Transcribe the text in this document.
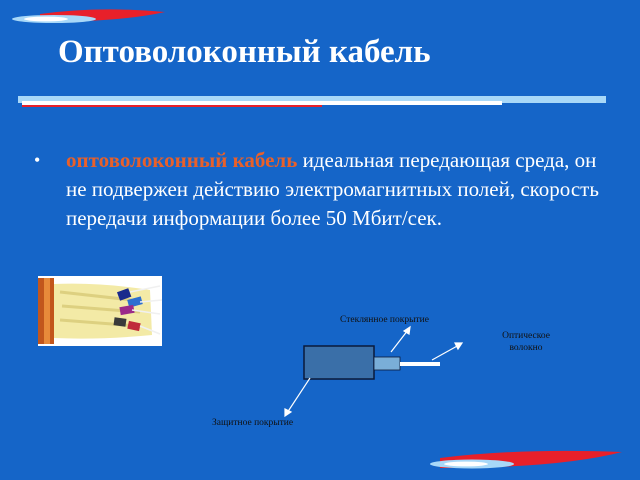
Оптоволоконный кабель
• оптоволоконный кабель идеальная передающая среда, он не подвержен действию электромагнитных полей, скорость передачи информации более 50 Мбит/сек.
Стеклянное покрытие
Оптическое
волокно
Защитное покрытие
